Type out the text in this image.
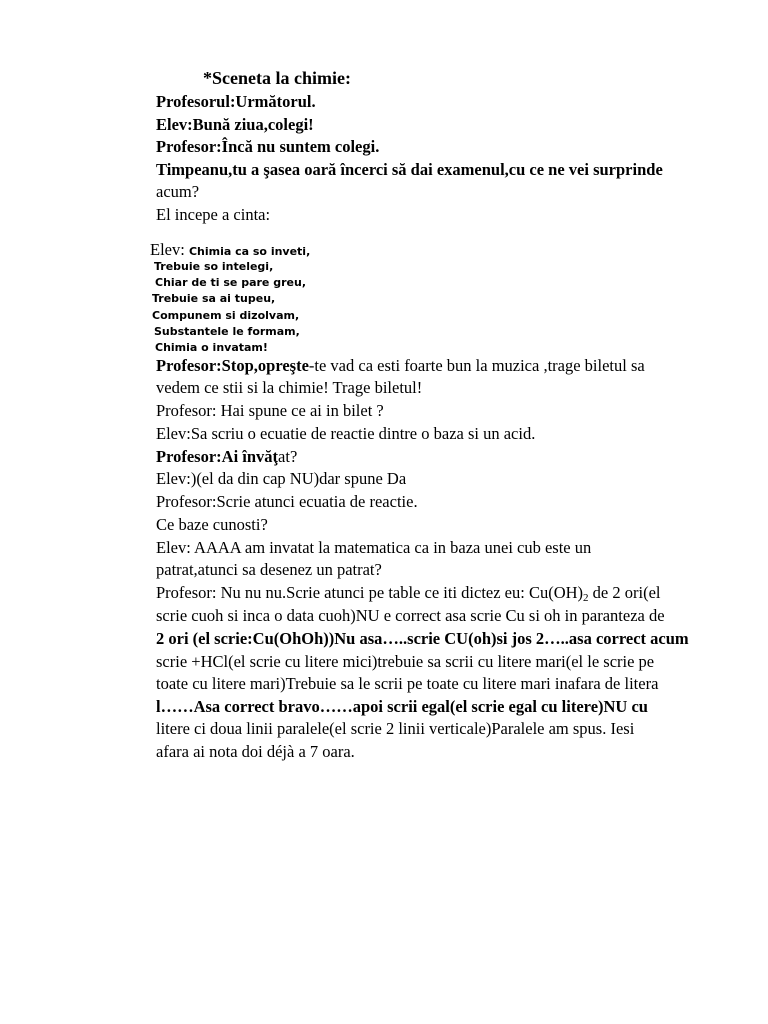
*Sceneta la chimie:
Profesorul:Următorul.
Elev:Bună ziua,colegi!
Profesor:Încă nu suntem colegi.
Timpeanu,tu a şasea oară încerci să dai examenul,cu ce ne vei surprinde
acum?
El incepe a cinta:
Elev: Chimia ca so inveti,
Trebuie so intelegi,
Chiar de ti se pare greu,
Trebuie sa ai tupeu,
Compunem si dizolvam,
Substantele le formam,
Chimia o invatam!
Profesor:Stop,opreşte-te vad ca esti foarte bun la muzica ,trage biletul sa
vedem ce stii si la chimie! Trage biletul!
Profesor: Hai spune ce ai in bilet ?
Elev:Sa scriu o ecuatie de reactie dintre o baza si un acid.
Profesor:Ai învăţat?
Elev:)(el da din cap NU)dar spune Da
Profesor:Scrie atunci ecuatia de reactie.
Ce baze cunosti?
Elev: AAAA am invatat la matematica ca in baza unei cub este un
patrat,atunci sa desenez un patrat?
Profesor: Nu nu nu.Scrie atunci pe table ce iti dictez eu: $Cu(OH)_2$ de 2 ori(el
scrie cuoh si inca o data cuoh)NU e correct asa scrie Cu si oh in paranteza de
2 ori (el scrie:Cu(OhOh))Nu asa…..scrie CU(oh)si jos 2…..asa correct acum
scrie +HCl(el scrie cu litere mici)trebuie sa scrii cu litere mari(el le scrie pe
toate cu litere mari)Trebuie sa le scrii pe toate cu litere mari inafara de litera
l……Asa correct bravo……apoi scrii egal(el scrie egal cu litere)NU cu
litere ci doua linii paralele(el scrie 2 linii verticale)Paralele am spus. Iesi
afara ai nota doi déjà a 7 oara.
